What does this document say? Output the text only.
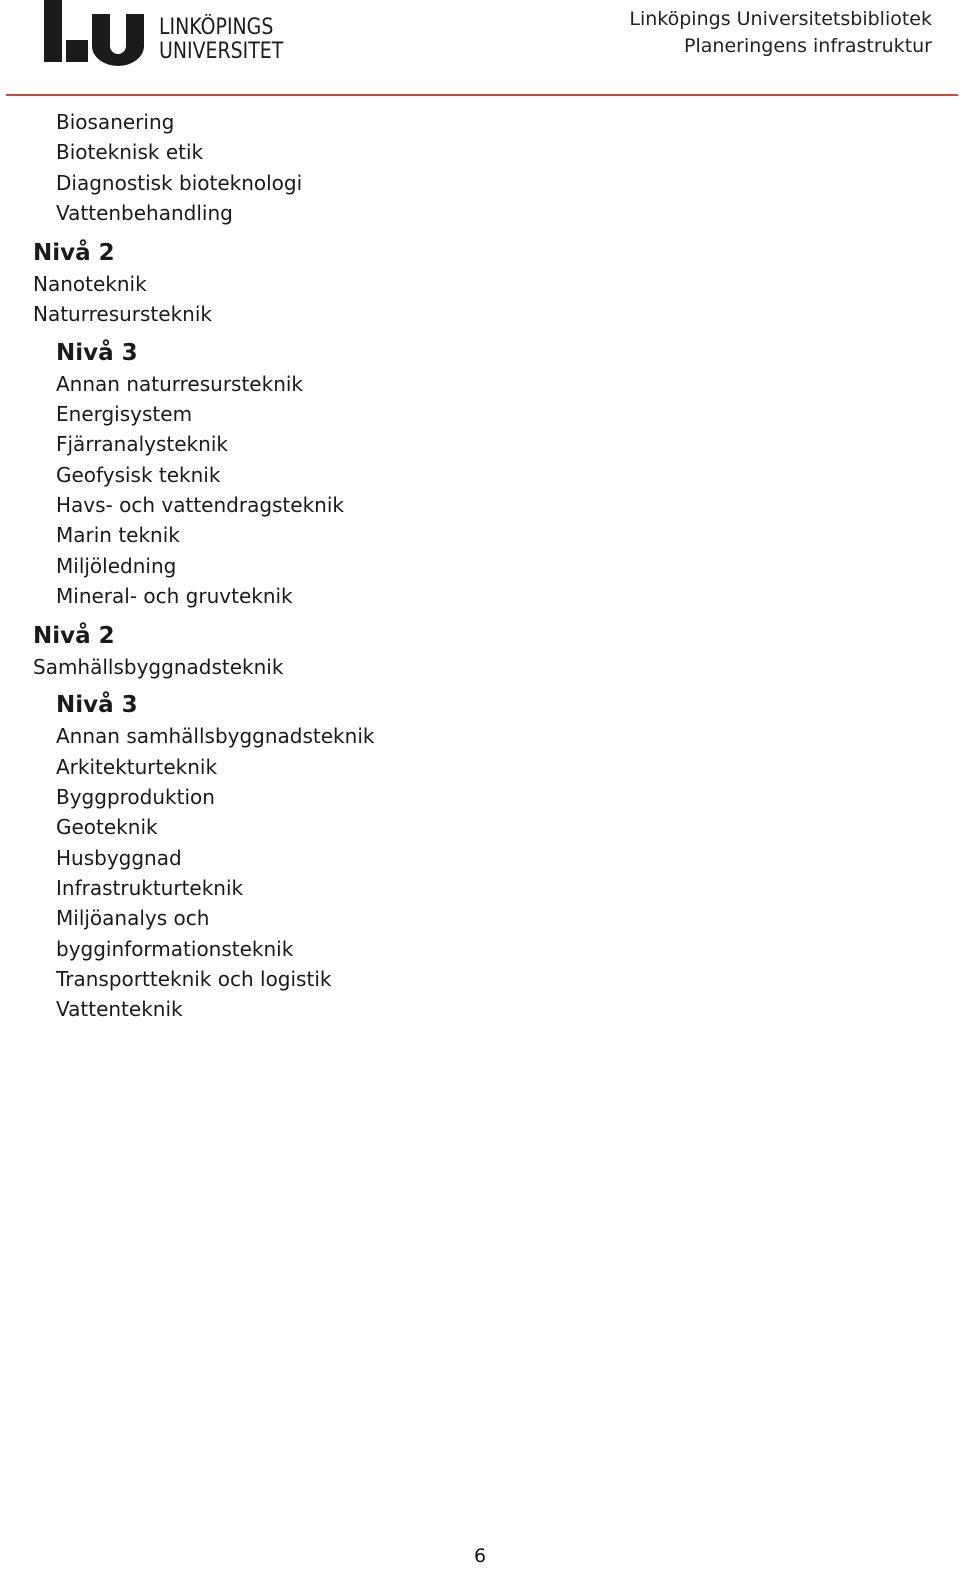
LINKÖPINGS
UNIVERSITET
Linköpings Universitetsbibliotek
Planeringens infrastruktur
Biosanering
Bioteknisk etik
Diagnostisk bioteknologi
Vattenbehandling
Nivå 2
Nanoteknik
Naturresursteknik
Nivå 3
Annan naturresursteknik
Energisystem
Fjärranalysteknik
Geofysisk teknik
Havs- och vattendragsteknik
Marin teknik
Miljöledning
Mineral- och gruvteknik
Nivå 2
Samhällsbyggnadsteknik
Nivå 3
Annan samhällsbyggnadsteknik
Arkitekturteknik
Byggproduktion
Geoteknik
Husbyggnad
Infrastrukturteknik
Miljöanalys och
bygginformationsteknik
Transportteknik och logistik
Vattenteknik
6
